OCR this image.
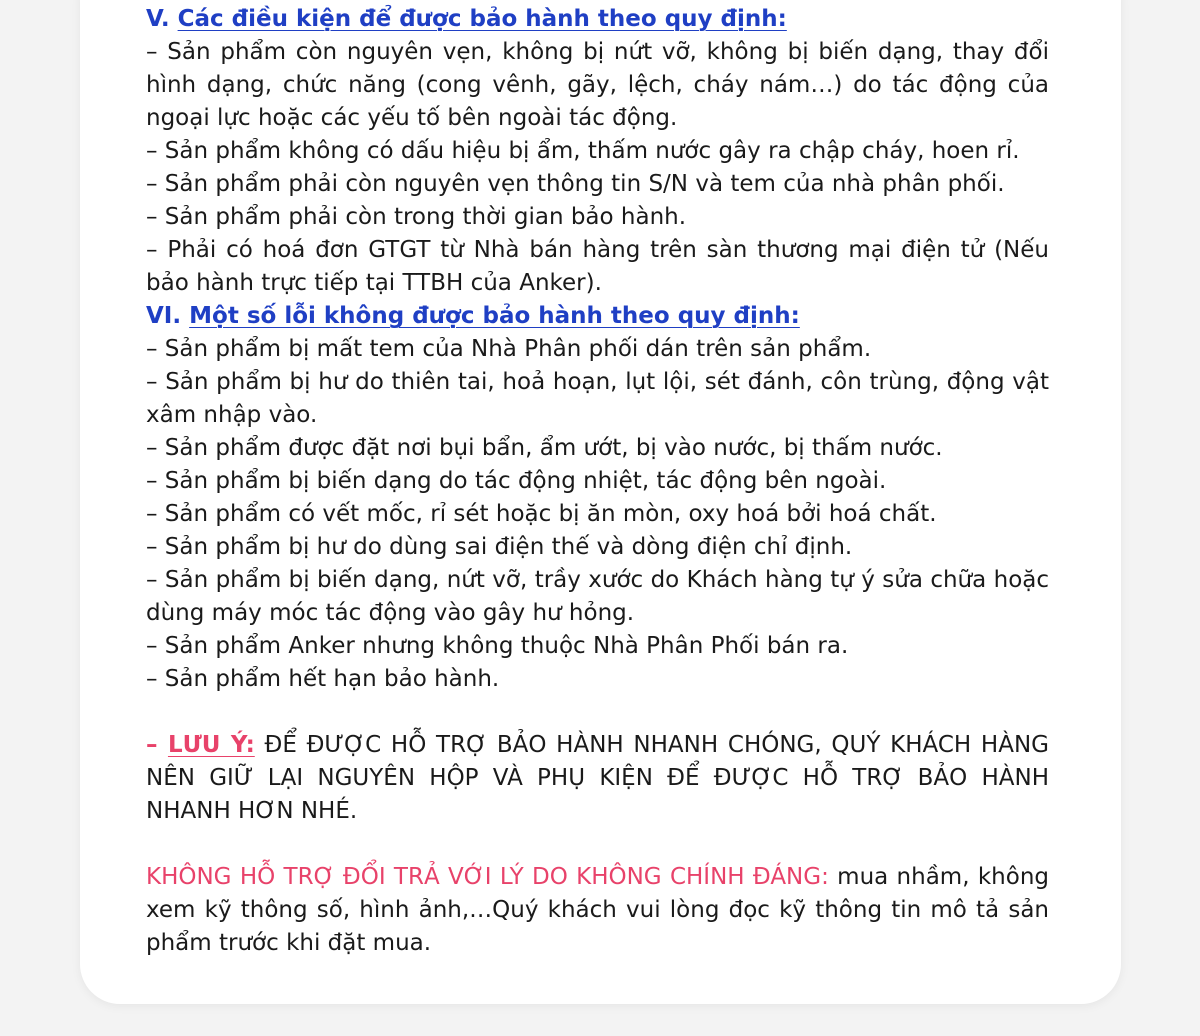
V. Các điều kiện để được bảo hành theo quy định:

– Sản phẩm còn nguyên vẹn, không bị nứt vỡ, không bị biến dạng, thay đổi hình dạng, chức năng (cong vênh, gãy, lệch, cháy nám…) do tác động của ngoại lực hoặc các yếu tố bên ngoài tác động.

– Sản phẩm không có dấu hiệu bị ẩm, thấm nước gây ra chập cháy, hoen rỉ.

– Sản phẩm phải còn nguyên vẹn thông tin S/N và tem của nhà phân phối.

– Sản phẩm phải còn trong thời gian bảo hành.

– Phải có hoá đơn GTGT từ Nhà bán hàng trên sàn thương mại điện tử (Nếu bảo hành trực tiếp tại TTBH của Anker).

VI. Một số lỗi không được bảo hành theo quy định:

– Sản phẩm bị mất tem của Nhà Phân phối dán trên sản phẩm.

– Sản phẩm bị hư do thiên tai, hoả hoạn, lụt lội, sét đánh, côn trùng, động vật xâm nhập vào.

– Sản phẩm được đặt nơi bụi bẩn, ẩm ướt, bị vào nước, bị thấm nước.

– Sản phẩm bị biến dạng do tác động nhiệt, tác động bên ngoài.

– Sản phẩm có vết mốc, rỉ sét hoặc bị ăn mòn, oxy hoá bởi hoá chất.

– Sản phẩm bị hư do dùng sai điện thế và dòng điện chỉ định.

– Sản phẩm bị biến dạng, nứt vỡ, trầy xước do Khách hàng tự ý sửa chữa hoặc dùng máy móc tác động vào gây hư hỏng.

– Sản phẩm Anker nhưng không thuộc Nhà Phân Phối bán ra.

– Sản phẩm hết hạn bảo hành.

– LƯU Ý: ĐỂ ĐƯỢC HỖ TRỢ BẢO HÀNH NHANH CHÓNG, QUÝ KHÁCH HÀNG NÊN GIỮ LẠI NGUYÊN HỘP VÀ PHỤ KIỆN ĐỂ ĐƯỢC HỖ TRỢ BẢO HÀNH NHANH HƠN NHÉ.

KHÔNG HỖ TRỢ ĐỔI TRẢ VỚI LÝ DO KHÔNG CHÍNH ĐÁNG: mua nhầm, không xem kỹ thông số, hình ảnh,…Quý khách vui lòng đọc kỹ thông tin mô tả sản phẩm trước khi đặt mua.
